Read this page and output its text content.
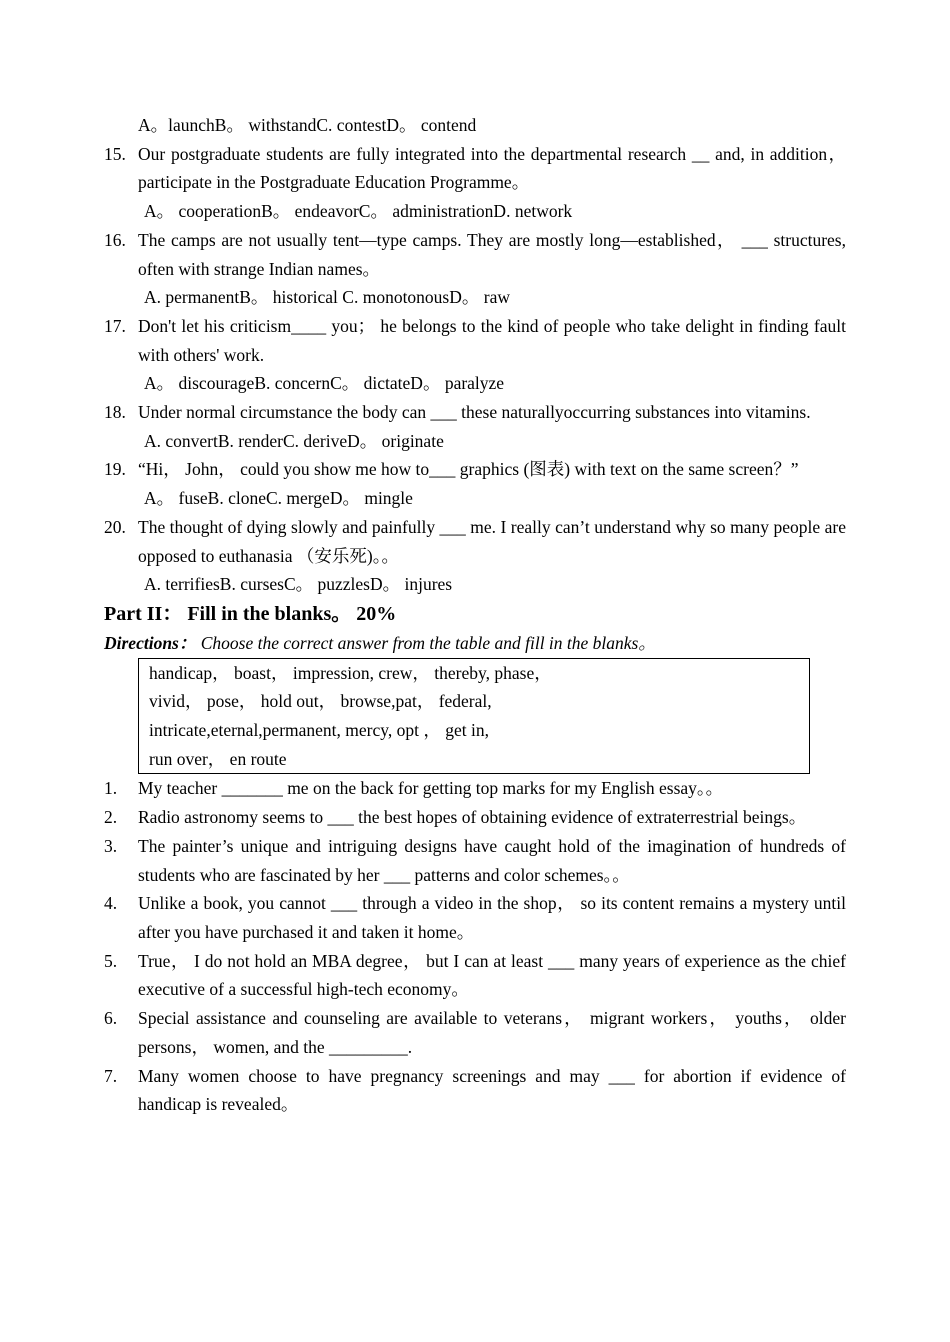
A。launchB。 withstandC. contestD。 contend
15. Our postgraduate students are fully integrated into the departmental research __ and, in addition， participate in the Postgraduate Education Programme。
A。 cooperationB。 endeavorC。 administrationD. network
16. The camps are not usually tent—type camps. They are mostly long—established， ___ structures, often with strange Indian names。
A. permanentB。 historical C. monotonousD。 raw
17. Don't let his criticism____ you； he belongs to the kind of people who take delight in finding fault with others' work.
A。 discourageB. concernC。 dictateD。 paralyze
18. Under normal circumstance the body can ___ these naturallyoccurring substances into vitamins.
A. convertB. renderC. deriveD。 originate
19. “Hi， John， could you show me how to___ graphics (图表) with text on the same screen？”
A。 fuseB. cloneC. mergeD。 mingle
20. The thought of dying slowly and painfully ___ me. I really can’t understand why so many people are opposed to euthanasia （安乐死)。。
A. terrifiesB. cursesC。 puzzlesD。 injures
Part II： Fill in the blanks。 20%
Directions： Choose the correct answer from the table and fill in the blanks。
handicap， boast， impression, crew， thereby, phase，
vivid， pose， hold out， browse,pat， federal,
intricate,eternal,permanent, mercy, opt ， get in,
run over， en route
1. My teacher _______ me on the back for getting top marks for my English essay。。
2. Radio astronomy seems to ___ the best hopes of obtaining evidence of extraterrestrial beings。
3. The painter’s unique and intriguing designs have caught hold of the imagination of hundreds of students who are fascinated by her ___ patterns and color schemes。。
4. Unlike a book, you cannot ___ through a video in the shop， so its content remains a mystery until after you have purchased it and taken it home。
5. True， I do not hold an MBA degree， but I can at least ___ many years of experience as the chief executive of a successful high-tech economy。
6. Special assistance and counseling are available to veterans， migrant workers， youths， older persons， women, and the _________.
7. Many women choose to have pregnancy screenings and may ___ for abortion if evidence of handicap is revealed。
